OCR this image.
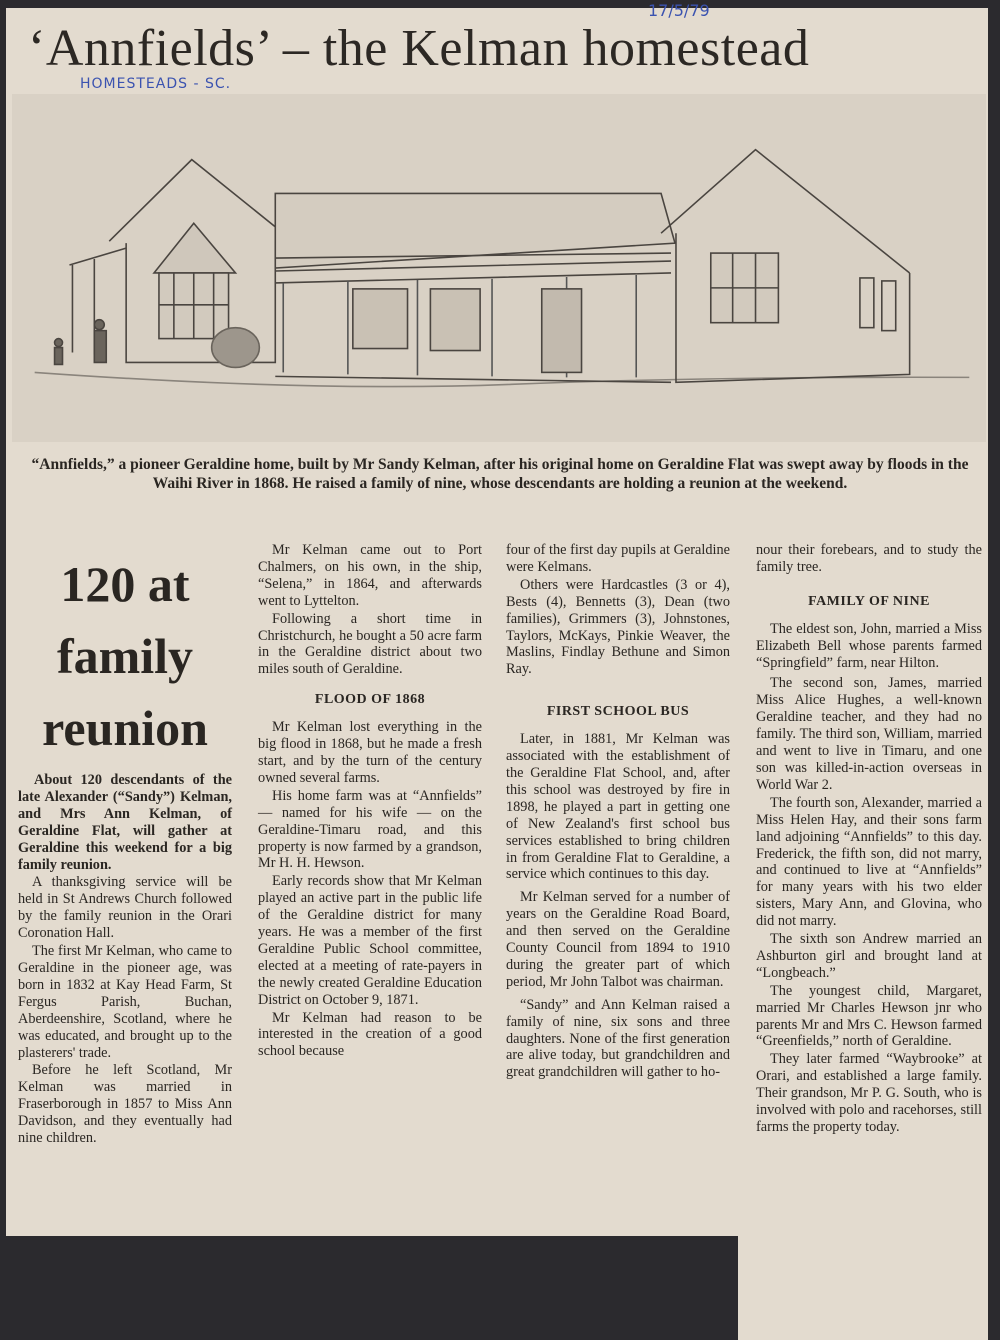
17/5/79
‘Annfields’ – the Kelman homestead
HOMESTEADS - SC.
“Annfields,” a pioneer Geraldine home, built by Mr Sandy Kelman, after his original home on Geraldine Flat was swept away by floods in the Waihi River in 1868. He raised a family of nine, whose descendants are holding a reunion at the weekend.
120 at family reunion

About 120 descendants of the late Alexander (“Sandy”) Kelman, and Mrs Ann Kelman, of Geraldine Flat, will gather at Geraldine this weekend for a big family reunion.

A thanksgiving service will be held in St Andrews Church followed by the family reunion in the Orari Coronation Hall.

The first Mr Kelman, who came to Geraldine in the pioneer age, was born in 1832 at Kay Head Farm, St Fergus Parish, Buchan, Aberdeenshire, Scotland, where he was educated, and brought up to the plasterers' trade.

Before he left Scotland, Mr Kelman was married in Fraserborough in 1857 to Miss Ann Davidson, and they eventually had nine children.

Mr Kelman came out to Port Chalmers, on his own, in the ship, “Selena,” in 1864, and afterwards went to Lyttelton.

Following a short time in Christchurch, he bought a 50 acre farm in the Geraldine district about two miles south of Geraldine.

FLOOD OF 1868

Mr Kelman lost everything in the big flood in 1868, but he made a fresh start, and by the turn of the century owned several farms.

His home farm was at “Annfields” — named for his wife — on the Geraldine-Timaru road, and this property is now farmed by a grandson, Mr H. H. Hewson.

Early records show that Mr Kelman played an active part in the public life of the Geraldine district for many years. He was a member of the first Geraldine Public School committee, elected at a meeting of rate-payers in the newly created Geraldine Education District on October 9, 1871.

Mr Kelman had reason to be interested in the creation of a good school because

four of the first day pupils at Geraldine were Kelmans.

Others were Hardcastles (3 or 4), Bests (4), Bennetts (3), Dean (two families), Grimmers (3), Johnstones, Taylors, McKays, Pinkie Weaver, the Maslins, Findlay Bethune and Simon Ray.

FIRST SCHOOL BUS

Later, in 1881, Mr Kelman was associated with the establishment of the Geraldine Flat School, and, after this school was destroyed by fire in 1898, he played a part in getting one of New Zealand's first school bus services established to bring children in from Geraldine Flat to Geraldine, a service which continues to this day.

Mr Kelman served for a number of years on the Geraldine Road Board, and then served on the Geraldine County Council from 1894 to 1910 during the greater part of which period, Mr John Talbot was chairman.

“Sandy” and Ann Kelman raised a family of nine, six sons and three daughters. None of the first generation are alive today, but grandchildren and great grandchildren will gather to ho-

nour their forebears, and to study the family tree.

FAMILY OF NINE

The eldest son, John, married a Miss Elizabeth Bell whose parents farmed “Springfield” farm, near Hilton.

The second son, James, married Miss Alice Hughes, a well-known Geraldine teacher, and they had no family. The third son, William, married and went to live in Timaru, and one son was killed-in-action overseas in World War 2.

The fourth son, Alexander, married a Miss Helen Hay, and their sons farm land adjoining “Annfields” to this day. Frederick, the fifth son, did not marry, and continued to live at “Annfields” for many years with his two elder sisters, Mary Ann, and Glovina, who did not marry.

The sixth son Andrew married an Ashburton girl and brought land at “Longbeach.”

The youngest child, Margaret, married Mr Charles Hewson jnr who parents Mr and Mrs C. Hewson farmed “Greenfields,” north of Geraldine.

They later farmed “Waybrooke” at Orari, and established a large family. Their grandson, Mr P. G. South, who is involved with polo and racehorses, still farms the property today.
